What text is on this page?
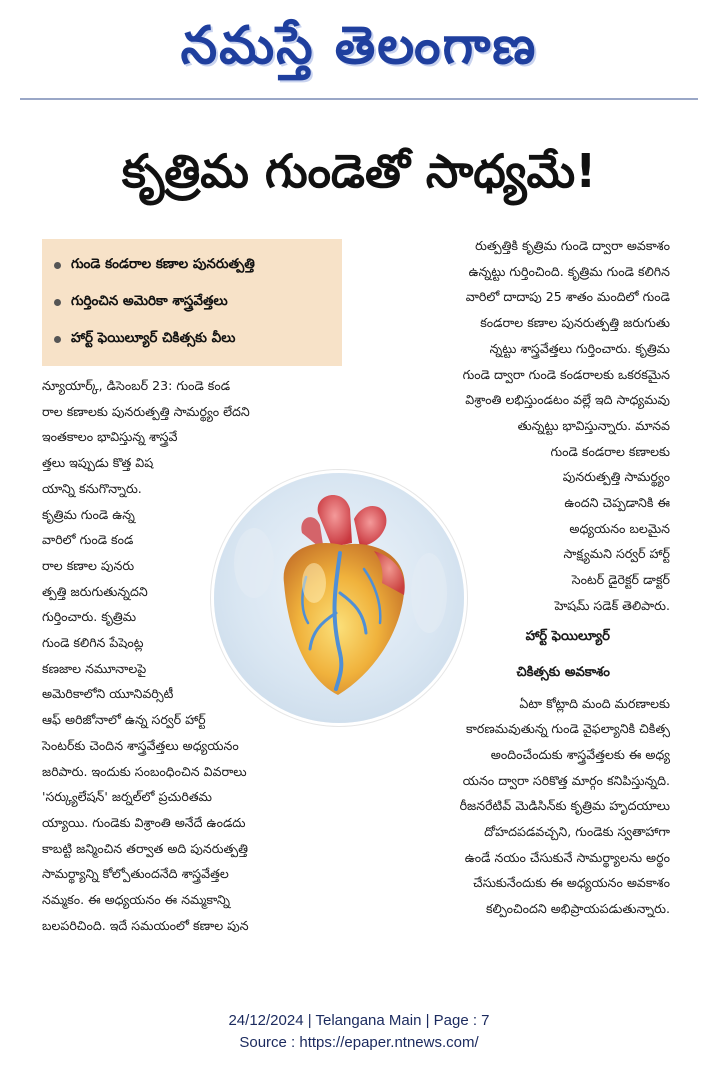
నమస్తే తెలంగాణ
కృత్రిమ గుండెతో సాధ్యమే!
గుండె కండరాల కణాల పునరుత్పత్తి
గుర్తించిన అమెరికా శాస్త్రవేత్తలు
హార్ట్ ఫెయిల్యూర్ చికిత్సకు వీలు

న్యూయార్క్, డిసెంబర్ 23: గుండె కండ

రాల కణాలకు పునరుత్పత్తి సామర్థ్యం లేదని

ఇంతకాలం భావిస్తున్న శాస్త్రవే

త్తలు ఇప్పుడు కొత్త విష

యాన్ని కనుగొన్నారు.

కృత్రిమ గుండె ఉన్న

వారిలో గుండె కండ

రాల కణాల పునరు

త్పత్తి జరుగుతున్నదని

గుర్తించారు. కృత్రిమ

గుండె కలిగిన పేషెంట్ల

కణజాల నమూనాలపై

అమెరికాలోని యూనివర్సిటీ

ఆఫ్ అరిజోనాలో ఉన్న సర్వర్ హార్ట్

సెంటర్‌కు చెందిన శాస్త్రవేత్తలు అధ్యయనం

జరిపారు. ఇందుకు సంబంధించిన వివరాలు

'సర్క్యులేషన్' జర్నల్‌లో ప్రచురితమ

య్యాయి. గుండెకు విశ్రాంతి అనేదే ఉండదు

కాబట్టి జన్మించిన తర్వాత అది పునరుత్పత్తి

సామర్థ్యాన్ని కోల్పోతుందనేది శాస్త్రవేత్తల

నమ్మకం. ఈ అధ్యయనం ఈ నమ్మకాన్ని

బలపరిచింది. ఇదే సమయంలో కణాల పున

రుత్పత్తికి కృత్రిమ గుండె ద్వారా అవకాశం

ఉన్నట్టు గుర్తించింది. కృత్రిమ గుండె కలిగిన

వారిలో దాదాపు 25 శాతం మందిలో గుండె

కండరాల కణాల పునరుత్పత్తి జరుగుతు

న్నట్టు శాస్త్రవేత్తలు గుర్తించారు. కృత్రిమ

గుండె ద్వారా గుండె కండరాలకు ఒకరకమైన

విశ్రాంతి లభిస్తుండటం వల్లే ఇది సాధ్యమవు

తున్నట్టు భావిస్తున్నారు. మానవ

గుండె కండరాల కణాలకు

పునరుత్పత్తి సామర్థ్యం

ఉందని చెప్పడానికి ఈ

అధ్యయనం బలమైన

సాక్ష్యమని సర్వర్ హార్ట్

సెంటర్ డైరెక్టర్ డాక్టర్

హెషమ్ సడెక్ తెలిపారు.

హార్ట్ ఫెయిల్యూర్

చికిత్సకు అవకాశం

ఏటా కోట్లాది మంది మరణాలకు

కారణమవుతున్న గుండె వైఫల్యానికి చికిత్స

అందించేందుకు శాస్త్రవేత్తలకు ఈ అధ్య

యనం ద్వారా సరికొత్త మార్గం కనిపిస్తున్నది.

రీజనరేటివ్ మెడిసిన్‌కు కృత్రిమ హృదయాలు

దోహదపడవచ్చని, గుండెకు స్వతాహాగా

ఉండే నయం చేసుకునే సామర్థ్యాలను అర్థం

చేసుకునేందుకు ఈ అధ్యయనం అవకాశం

కల్పించిందని అభిప్రాయపడుతున్నారు.

24/12/2024 | Telangana Main | Page : 7
Source : https://epaper.ntnews.com/
